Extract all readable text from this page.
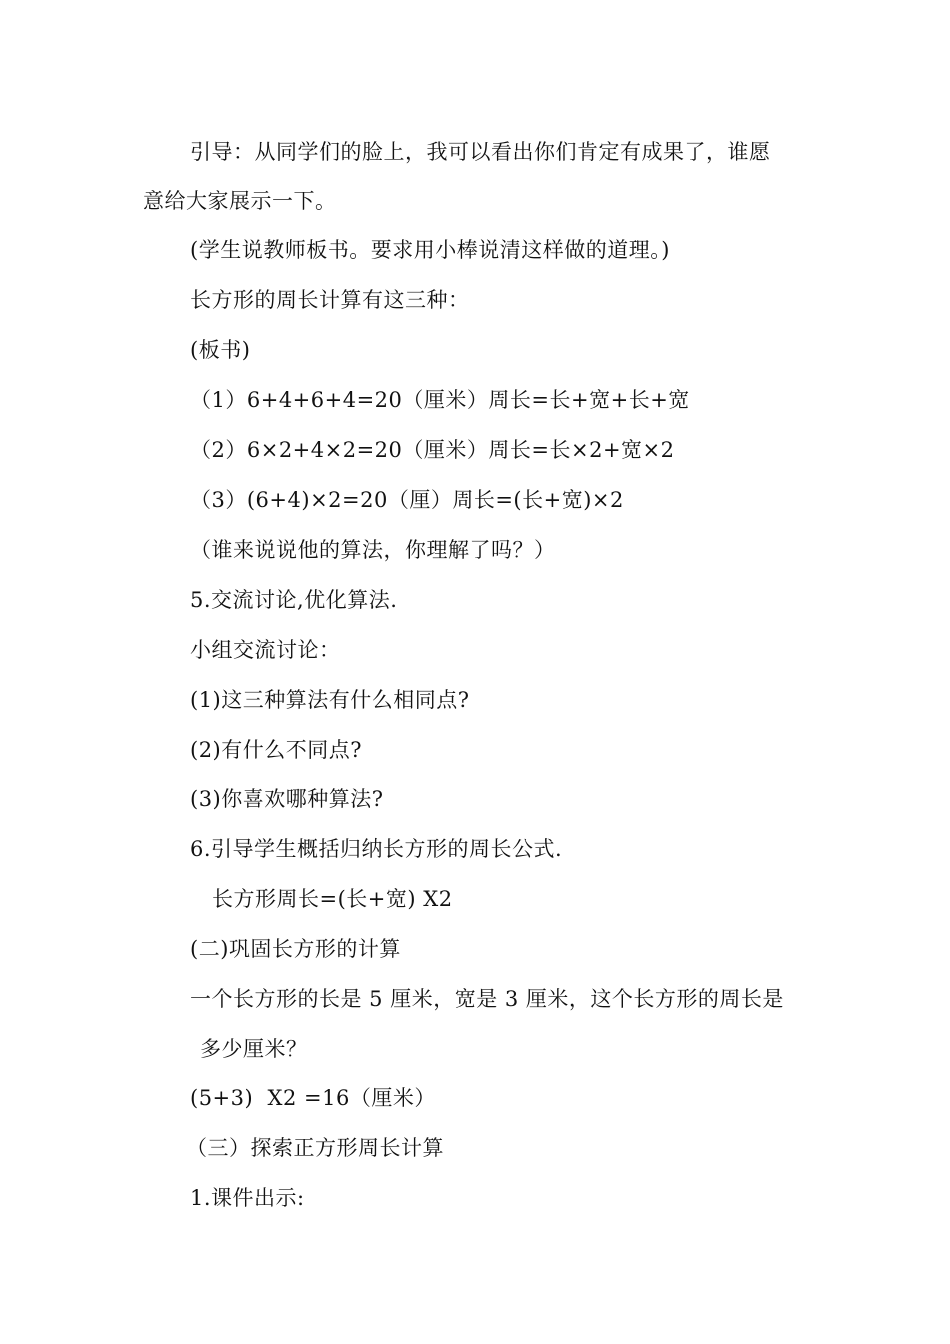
引导：从同学们的脸上，我可以看出你们肯定有成果了，谁愿
意给大家展示一下。
(学生说教师板书。要求用小棒说清这样做的道理。)
长方形的周长计算有这三种：
(板书)
（1）6+4+6+4=20（厘米）周长=长+宽+长+宽
（2）6×2+4×2=20（厘米）周长=长×2+宽×2
（3）(6+4)×2=20（厘）周长=(长+宽)×2
（谁来说说他的算法，你理解了吗？）
5.交流讨论,优化算法.
小组交流讨论：
(1)这三种算法有什么相同点?
(2)有什么不同点?
(3)你喜欢哪种算法?
6.引导学生概括归纳长方形的周长公式.
长方形周长=(长+宽) X2
(二)巩固长方形的计算
一个长方形的长是 5 厘米，宽是 3 厘米，这个长方形的周长是
多少厘米？
(5+3)  X2 =16（厘米）
（三）探索正方形周长计算
1.课件出示:
